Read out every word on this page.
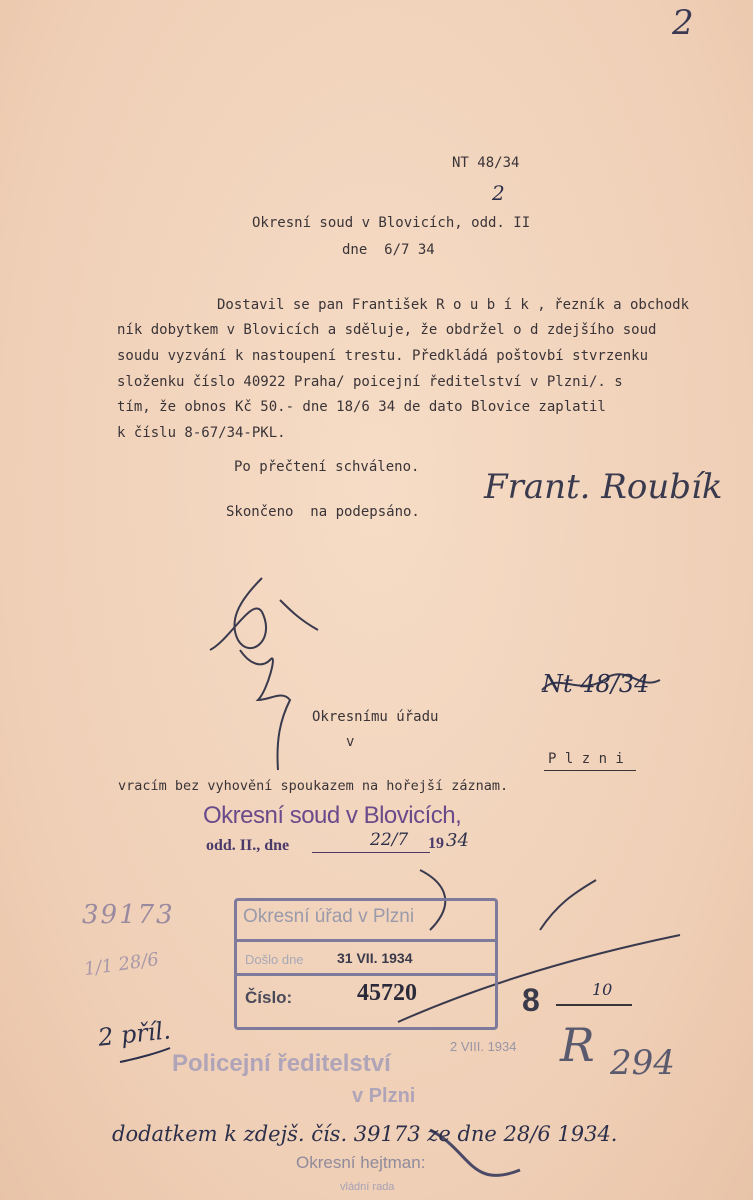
2
NT 48/34
2
Okresní soud v Blovicích, odd. II
dne  6/7 34
Dostavil se pan František R o u b í k , řezník a obchodk
ník dobytkem v Blovicích a sděluje, že obdržel o d zdejšího soud
soudu vyzvání k nastoupení trestu. Předkládá poštovbí stvrzenku
složenku číslo 40922 Praha/ poicejní ředitelství v Plzni/. s
tím, že obnos Kč 50.- dne 18/6 34 de dato Blovice zaplatil
k číslu 8-67/34-PKL.
Po přečtení schváleno. Frant. Roubík
Skončeno  na podepsáno.
Nt 48/34
Okresnímu úřadu
v
P l z n i
vracím bez vyhovění spoukazem na hořejší záznam.
Okresní soud v Blovicích,
odd. II., dne	22/7 19 34
39173
1/1 28/6
Okresní úřad v Plzni
Došlo dne 31 VII. 1934
Číslo:	45720	8	10
R 294
2 příl.
Policejní ředitelství
2 VIII. 1934
v Plzni
dodatkem k zdejš. čís. 39173 ze dne 28/6 1934.
Okresní hejtman:
vládní rada
